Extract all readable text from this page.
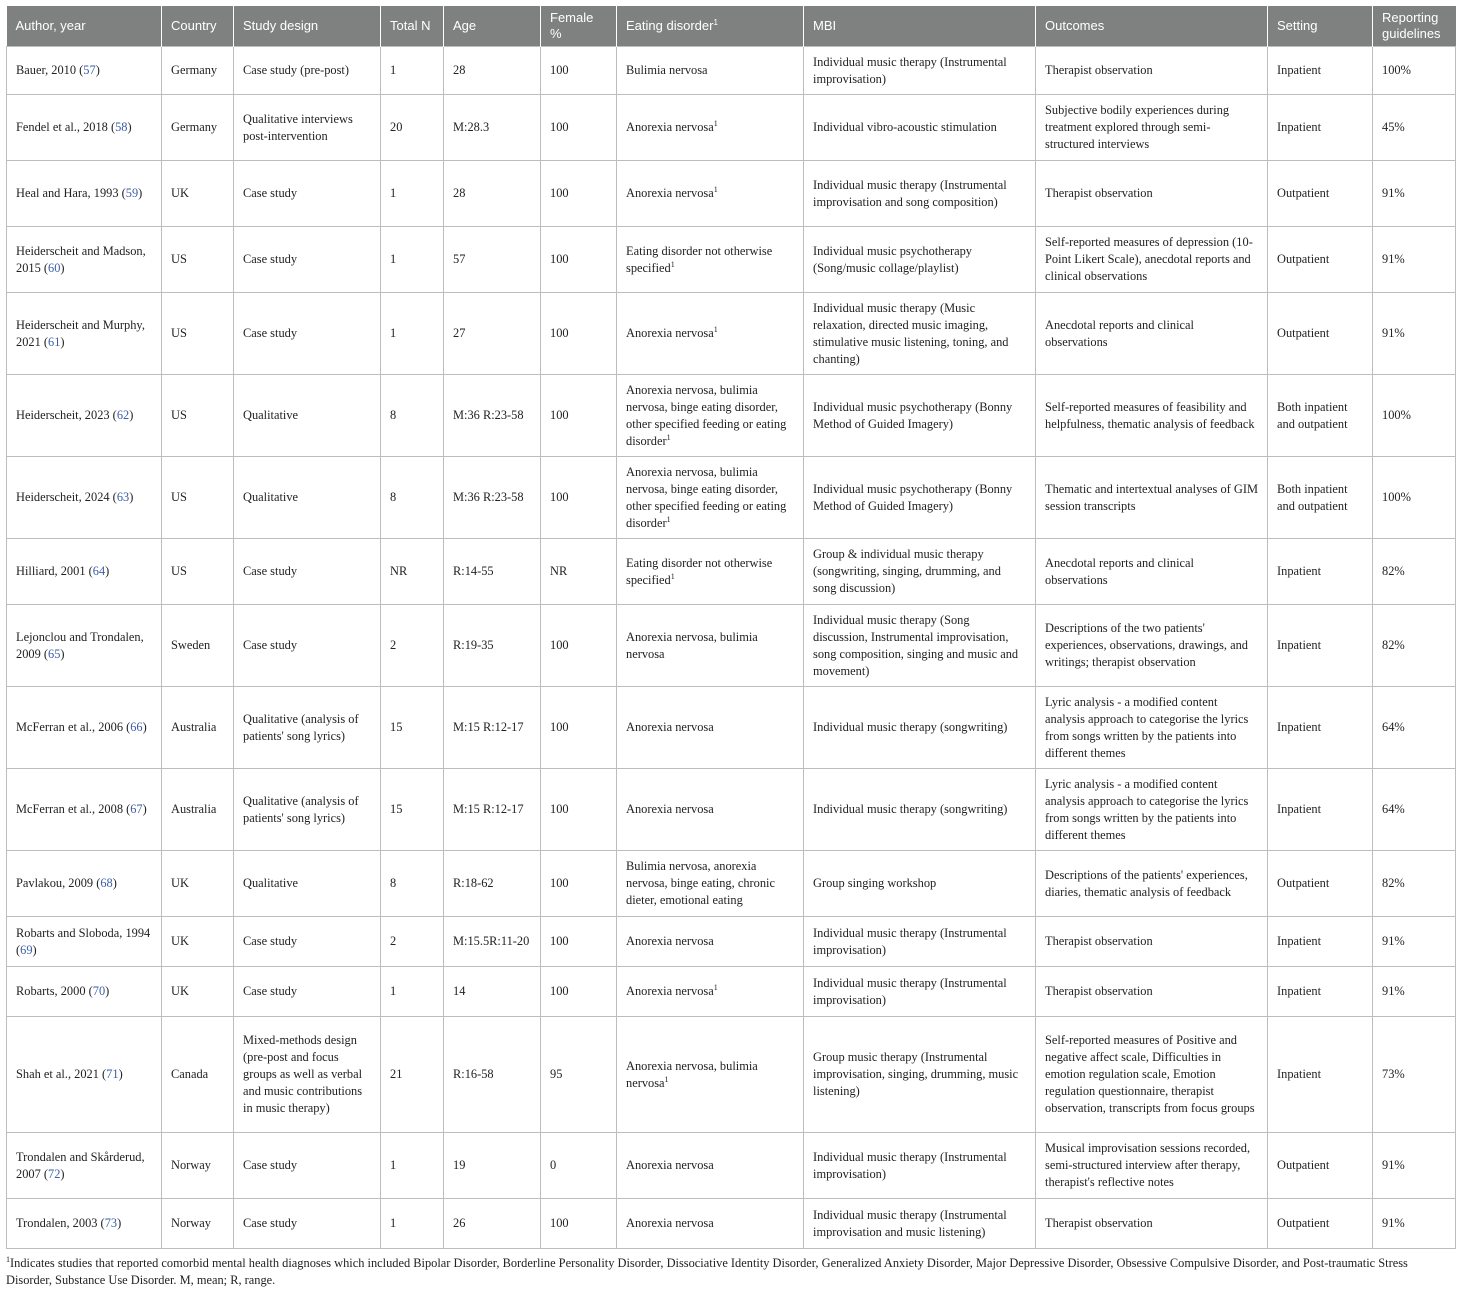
Author, year	Country	Study design	Total N	Age	Female %	Eating disorder$^1$	MBI	Outcomes	Setting	Reporting guidelines
Bauer, 2010 (57)	Germany	Case study (pre-post)	1	28	100	Bulimia nervosa	Individual music therapy (Instrumental improvisation)	Therapist observation	Inpatient	100%
Fendel et al., 2018 (58)	Germany	Qualitative interviews post-intervention	20	M:28.3	100	Anorexia nervosa$^1$	Individual vibro-acoustic stimulation	Subjective bodily experiences during treatment explored through semi-structured interviews	Inpatient	45%
Heal and Hara, 1993 (59)	UK	Case study	1	28	100	Anorexia nervosa$^1$	Individual music therapy (Instrumental improvisation and song composition)	Therapist observation	Outpatient	91%
Heiderscheit and Madson, 2015 (60)	US	Case study	1	57	100	Eating disorder not otherwise specified$^1$	Individual music psychotherapy (Song/music collage/playlist)	Self-reported measures of depression (10-Point Likert Scale), anecdotal reports and clinical observations	Outpatient	91%
Heiderscheit and Murphy, 2021 (61)	US	Case study	1	27	100	Anorexia nervosa$^1$	Individual music therapy (Music relaxation, directed music imaging, stimulative music listening, toning, and chanting)	Anecdotal reports and clinical observations	Outpatient	91%
Heiderscheit, 2023 (62)	US	Qualitative	8	M:36 R:23-58	100	Anorexia nervosa, bulimia nervosa, binge eating disorder, other specified feeding or eating disorder$^1$	Individual music psychotherapy (Bonny Method of Guided Imagery)	Self-reported measures of feasibility and helpfulness, thematic analysis of feedback	Both inpatient and outpatient	100%
Heiderscheit, 2024 (63)	US	Qualitative	8	M:36 R:23-58	100	Anorexia nervosa, bulimia nervosa, binge eating disorder, other specified feeding or eating disorder$^1$	Individual music psychotherapy (Bonny Method of Guided Imagery)	Thematic and intertextual analyses of GIM session transcripts	Both inpatient and outpatient	100%
Hilliard, 2001 (64)	US	Case study	NR	R:14-55	NR	Eating disorder not otherwise specified$^1$	Group & individual music therapy (songwriting, singing, drumming, and song discussion)	Anecdotal reports and clinical observations	Inpatient	82%
Lejonclou and Trondalen, 2009 (65)	Sweden	Case study	2	R:19-35	100	Anorexia nervosa, bulimia nervosa	Individual music therapy (Song discussion, Instrumental improvisation, song composition, singing and music and movement)	Descriptions of the two patients' experiences, observations, drawings, and writings; therapist observation	Inpatient	82%
McFerran et al., 2006 (66)	Australia	Qualitative (analysis of patients' song lyrics)	15	M:15 R:12-17	100	Anorexia nervosa	Individual music therapy (songwriting)	Lyric analysis - a modified content analysis approach to categorise the lyrics from songs written by the patients into different themes	Inpatient	64%
McFerran et al., 2008 (67)	Australia	Qualitative (analysis of patients' song lyrics)	15	M:15 R:12-17	100	Anorexia nervosa	Individual music therapy (songwriting)	Lyric analysis - a modified content analysis approach to categorise the lyrics from songs written by the patients into different themes	Inpatient	64%
Pavlakou, 2009 (68)	UK	Qualitative	8	R:18-62	100	Bulimia nervosa, anorexia nervosa, binge eating, chronic dieter, emotional eating	Group singing workshop	Descriptions of the patients' experiences, diaries, thematic analysis of feedback	Outpatient	82%
Robarts and Sloboda, 1994 (69)	UK	Case study	2	M:15.5R:11-20	100	Anorexia nervosa	Individual music therapy (Instrumental improvisation)	Therapist observation	Inpatient	91%
Robarts, 2000 (70)	UK	Case study	1	14	100	Anorexia nervosa$^1$	Individual music therapy (Instrumental improvisation)	Therapist observation	Inpatient	91%
Shah et al., 2021 (71)	Canada	Mixed-methods design (pre-post and focus groups as well as verbal and music contributions in music therapy)	21	R:16-58	95	Anorexia nervosa, bulimia nervosa$^1$	Group music therapy (Instrumental improvisation, singing, drumming, music listening)	Self-reported measures of Positive and negative affect scale, Difficulties in emotion regulation scale, Emotion regulation questionnaire, therapist observation, transcripts from focus groups	Inpatient	73%
Trondalen and Skårderud, 2007 (72)	Norway	Case study	1	19	0	Anorexia nervosa	Individual music therapy (Instrumental improvisation)	Musical improvisation sessions recorded, semi-structured interview after therapy, therapist's reflective notes	Outpatient	91%
Trondalen, 2003 (73)	Norway	Case study	1	26	100	Anorexia nervosa	Individual music therapy (Instrumental improvisation and music listening)	Therapist observation	Outpatient	91%
$^1$Indicates studies that reported comorbid mental health diagnoses which included Bipolar Disorder, Borderline Personality Disorder, Dissociative Identity Disorder, Generalized Anxiety Disorder, Major Depressive Disorder, Obsessive Compulsive Disorder, and Post-traumatic Stress Disorder, Substance Use Disorder. M, mean; R, range.
